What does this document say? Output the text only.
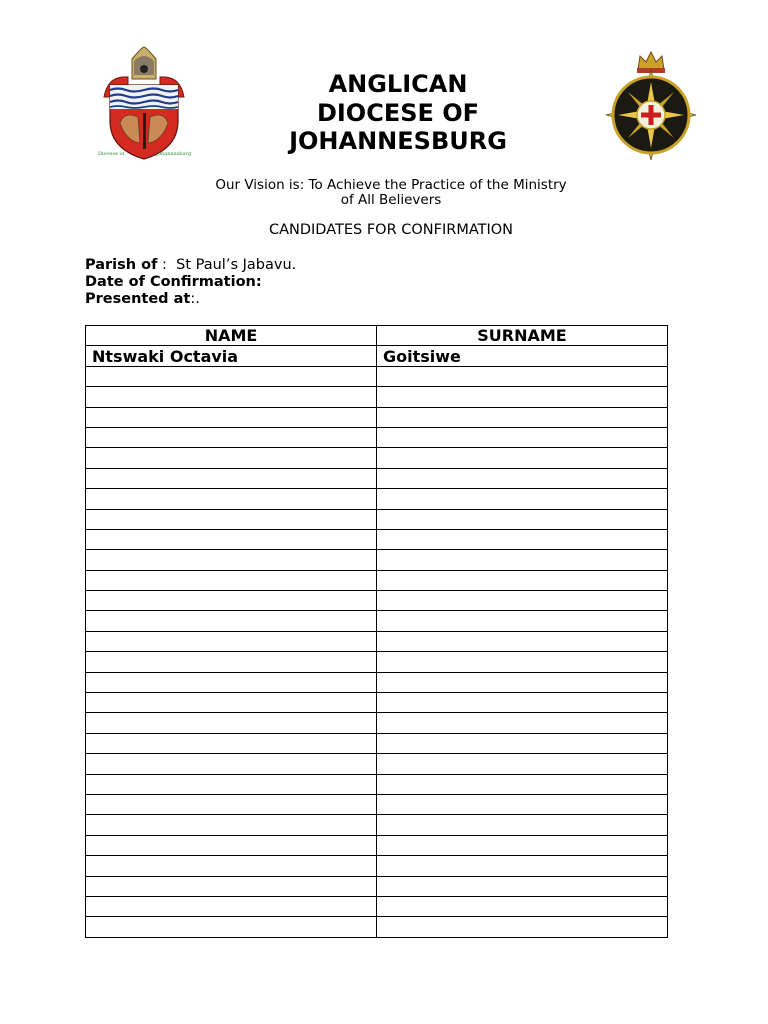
Diocese of	Johannesburg
ANGLICAN
DIOCESE OF
JOHANNESBURG
Our Vision is: To Achieve the Practice of the Ministry
of All Believers
CANDIDATES FOR CONFIRMATION
Parish of :  St Paul’s Jabavu.
Date of Confirmation:
Presented at:.
NAME	SURNAME
Ntswaki Octavia	Goitsiwe
